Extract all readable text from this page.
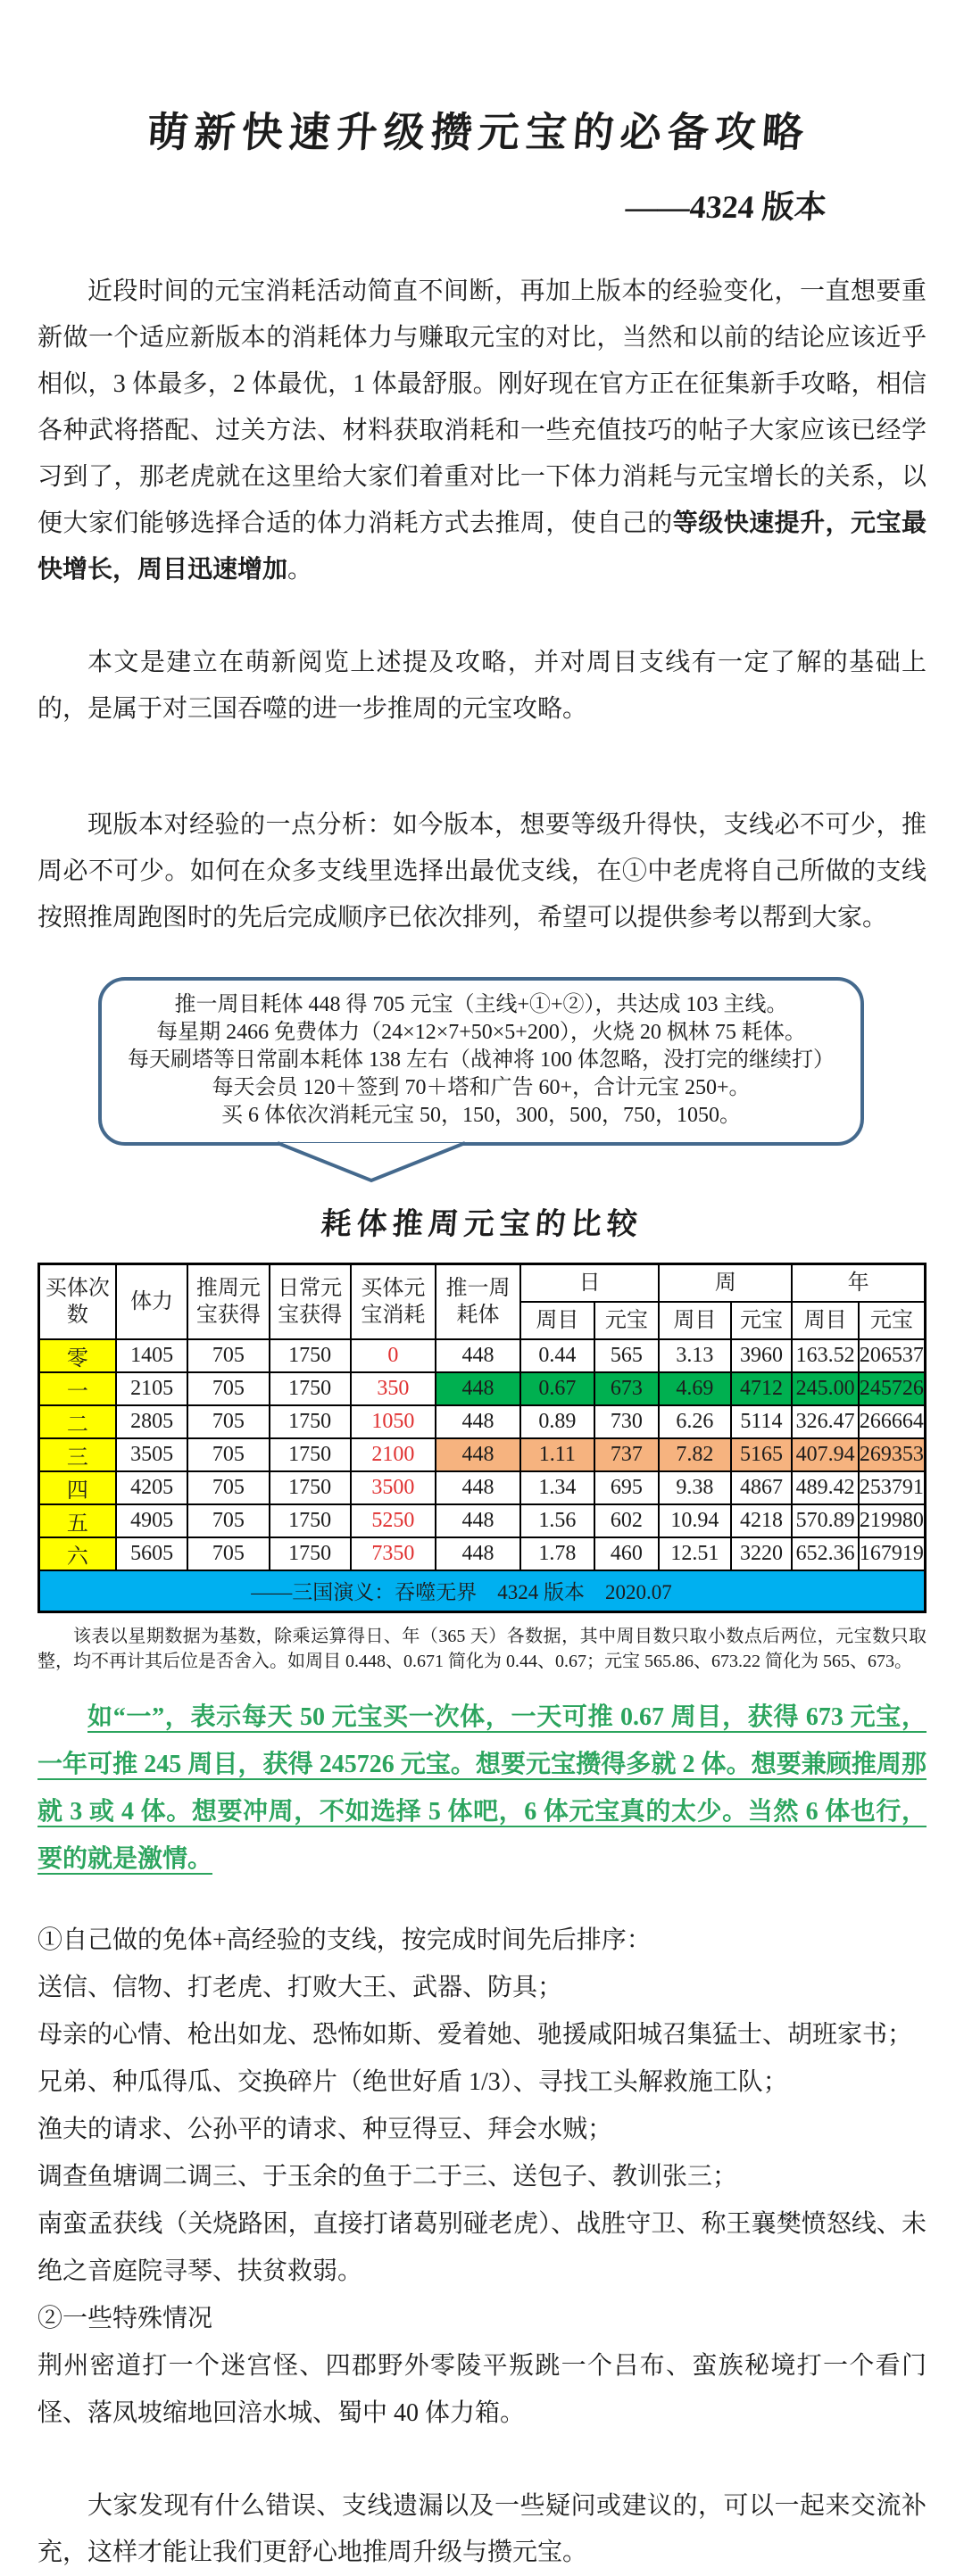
萌新快速升级攒元宝的必备攻略
——4324 版本

近段时间的元宝消耗活动简直不间断，再加上版本的经验变化，一直想要重新做一个适应新版本的消耗体力与赚取元宝的对比，当然和以前的结论应该近乎相似，3 体最多，2 体最优，1 体最舒服。刚好现在官方正在征集新手攻略，相信各种武将搭配、过关方法、材料获取消耗和一些充值技巧的帖子大家应该已经学习到了，那老虎就在这里给大家们着重对比一下体力消耗与元宝增长的关系，以便大家们能够选择合适的体力消耗方式去推周，使自己的等级快速提升，元宝最快增长，周目迅速增加。

本文是建立在萌新阅览上述提及攻略，并对周目支线有一定了解的基础上的，是属于对三国吞噬的进一步推周的元宝攻略。

现版本对经验的一点分析：如今版本，想要等级升得快，支线必不可少，推周必不可少。如何在众多支线里选择出最优支线，在①中老虎将自己所做的支线按照推周跑图时的先后完成顺序已依次排列，希望可以提供参考以帮到大家。

推一周目耗体 448 得 705 元宝（主线+①+②），共达成 103 主线。
每星期 2466 免费体力（24×12×7+50×5+200），火烧 20 枫林 75 耗体。
每天刷塔等日常副本耗体 138 左右（战神将 100 体忽略，没打完的继续打）
每天会员 120＋签到 70＋塔和广告 60+，合计元宝 250+。
买 6 体依次消耗元宝 50，150，300，500，750，1050。
耗体推周元宝的比较
买体次数	体力	推周元宝获得	日常元宝获得	买体元宝消耗	推一周耗体	日		周		年	
						周目	元宝	周目	元宝	周目	元宝
零	1405	705	1750	0	448	0.44	565	3.13	3960	163.52	206537
一	2105	705	1750	350	448	0.67	673	4.69	4712	245.00	245726
二	2805	705	1750	1050	448	0.89	730	6.26	5114	326.47	266664
三	3505	705	1750	2100	448	1.11	737	7.82	5165	407.94	269353
四	4205	705	1750	3500	448	1.34	695	9.38	4867	489.42	253791
五	4905	705	1750	5250	448	1.56	602	10.94	4218	570.89	219980
六	5605	705	1750	7350	448	1.78	460	12.51	3220	652.36	167919
——三国演义：吞噬无界　4324 版本　2020.07											

该表以星期数据为基数，除乘运算得日、年（365 天）各数据，其中周目数只取小数点后两位，元宝数只取整，均不再计其后位是否舍入。如周目 0.448、0.671 简化为 0.44、0.67；元宝 565.86、673.22 简化为 565、673。

如“一”，表示每天 50 元宝买一次体，一天可推 0.67 周目，获得 673 元宝，一年可推 245 周目，获得 245726 元宝。想要元宝攒得多就 2 体。想要兼顾推周那就 3 或 4 体。想要冲周，不如选择 5 体吧，6 体元宝真的太少。当然 6 体也行，要的就是激情。

①自己做的免体+高经验的支线，按完成时间先后排序：
送信、信物、打老虎、打败大王、武器、防具；
母亲的心情、枪出如龙、恐怖如斯、爱着她、驰援咸阳城召集猛士、胡班家书；
兄弟、种瓜得瓜、交换碎片（绝世好盾 1/3）、寻找工头解救施工队；
渔夫的请求、公孙平的请求、种豆得豆、拜会水贼；
调查鱼塘调二调三、于玉余的鱼于二于三、送包子、教训张三；
南蛮孟获线（关烧路困，直接打诸葛别碰老虎）、战胜守卫、称王襄樊愤怒线、未绝之音庭院寻琴、扶贫救弱。
②一些特殊情况
荆州密道打一个迷宫怪、四郡野外零陵平叛跳一个吕布、蛮族秘境打一个看门怪、落凤坡缩地回涪水城、蜀中 40 体力箱。

大家发现有什么错误、支线遗漏以及一些疑问或建议的，可以一起来交流补充，这样才能让我们更舒心地推周升级与攒元宝。
